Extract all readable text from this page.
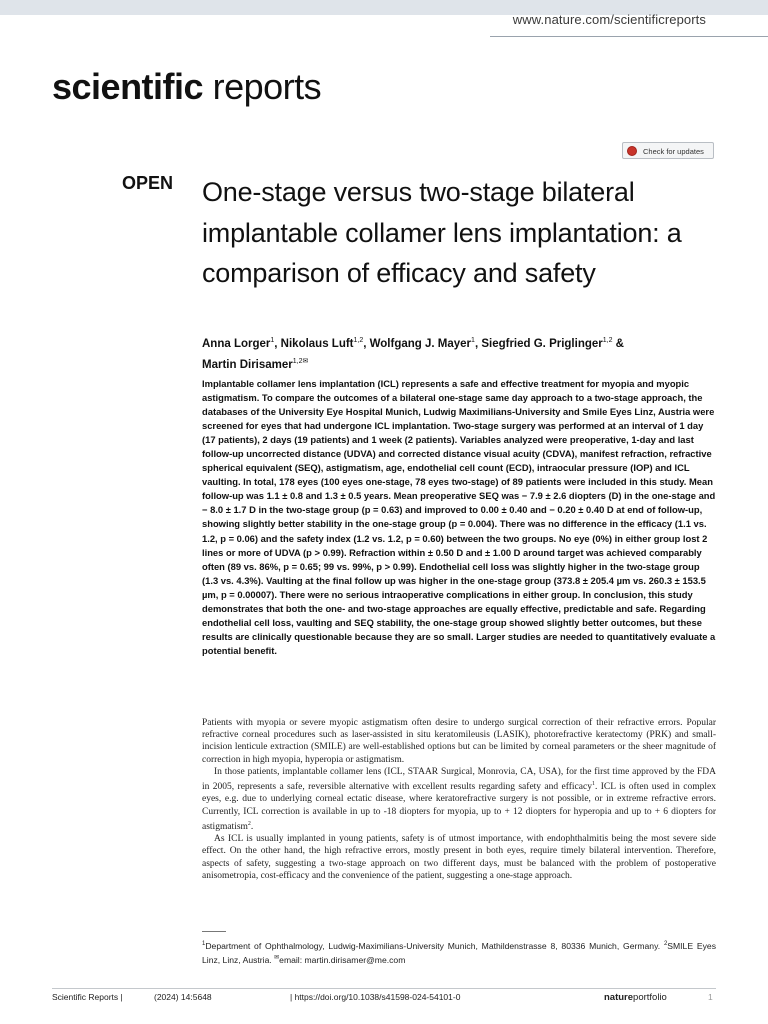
www.nature.com/scientificreports
scientific reports
Check for updates
OPEN One-stage versus two-stage bilateral implantable collamer lens implantation: a comparison of efficacy and safety
Anna Lorger$^1$, Nikolaus Luft$^{1,2}$, Wolfgang J. Mayer$^1$, Siegfried G. Priglinger$^{1,2}$ &
Martin Dirisamer$^{1,2✉}$

Implantable collamer lens implantation (ICL) represents a safe and effective treatment for myopia and myopic astigmatism. To compare the outcomes of a bilateral one-stage same day approach to a two-stage approach, the databases of the University Eye Hospital Munich, Ludwig Maximilians-University and Smile Eyes Linz, Austria were screened for eyes that had undergone ICL implantation. Two-stage surgery was performed at an interval of 1 day (17 patients), 2 days (19 patients) and 1 week (2 patients). Variables analyzed were preoperative, 1-day and last follow-up uncorrected distance (UDVA) and corrected distance visual acuity (CDVA), manifest refraction, refractive spherical equivalent (SEQ), astigmatism, age, endothelial cell count (ECD), intraocular pressure (IOP) and ICL vaulting. In total, 178 eyes (100 eyes one-stage, 78 eyes two-stage) of 89 patients were included in this study. Mean follow-up was 1.1 ± 0.8 and 1.3 ± 0.5 years. Mean preoperative SEQ was − 7.9 ± 2.6 diopters (D) in the one-stage and − 8.0 ± 1.7 D in the two-stage group (p = 0.63) and improved to 0.00 ± 0.40 and − 0.20 ± 0.40 D at end of follow-up, showing slightly better stability in the one-stage group (p = 0.004). There was no difference in the efficacy (1.1 vs. 1.2, p = 0.06) and the safety index (1.2 vs. 1.2, p = 0.60) between the two groups. No eye (0%) in either group lost 2 lines or more of UDVA (p > 0.99). Refraction within ± 0.50 D and ± 1.00 D around target was achieved comparably often (89 vs. 86%, p = 0.65; 99 vs. 99%, p > 0.99). Endothelial cell loss was slightly higher in the two-stage group (1.3 vs. 4.3%). Vaulting at the final follow up was higher in the one-stage group (373.8 ± 205.4 µm vs. 260.3 ± 153.5 µm, p = 0.00007). There were no serious intraoperative complications in either group. In conclusion, this study demonstrates that both the one- and two-stage approaches are equally effective, predictable and safe. Regarding endothelial cell loss, vaulting and SEQ stability, the one-stage group showed slightly better outcomes, but these results are clinically questionable because they are so small. Larger studies are needed to quantitatively evaluate a potential benefit.

Patients with myopia or severe myopic astigmatism often desire to undergo surgical correction of their refractive errors. Popular refractive corneal procedures such as laser-assisted in situ keratomileusis (LASIK), photorefractive keratectomy (PRK) and small-incision lenticule extraction (SMILE) are well-established options but can be limited by corneal parameters or the sheer magnitude of correction in high myopia, hyperopia or astigmatism.

In those patients, implantable collamer lens (ICL, STAAR Surgical, Monrovia, CA, USA), for the first time approved by the FDA in 2005, represents a safe, reversible alternative with excellent results regarding safety and efficacy$^1$. ICL is often used in complex eyes, e.g. due to underlying corneal ectatic disease, where keratorefractive surgery is not possible, or in extreme refractive errors. Currently, ICL correction is available in up to -18 diopters for myopia, up to + 12 diopters for hyperopia and up to + 6 diopters for astigmatism$^2$.

As ICL is usually implanted in young patients, safety is of utmost importance, with endophthalmitis being the most severe side effect. On the other hand, the high refractive errors, mostly present in both eyes, require timely bilateral intervention. Therefore, aspects of safety, suggesting a two-stage approach on two different days, must be balanced with the problem of postoperative anisometropia, cost-efficacy and the convenience of the patient, suggesting a one-stage approach.

$^1$Department of Ophthalmology, Ludwig-Maximilians-University Munich, Mathildenstrasse 8, 80336 Munich, Germany. $^2$SMILE Eyes Linz, Linz, Austria. ✉email: martin.dirisamer@me.com
Scientific Reports |	(2024) 14:5648	| https://doi.org/10.1038/s41598-024-54101-0	natureportfolio	1
